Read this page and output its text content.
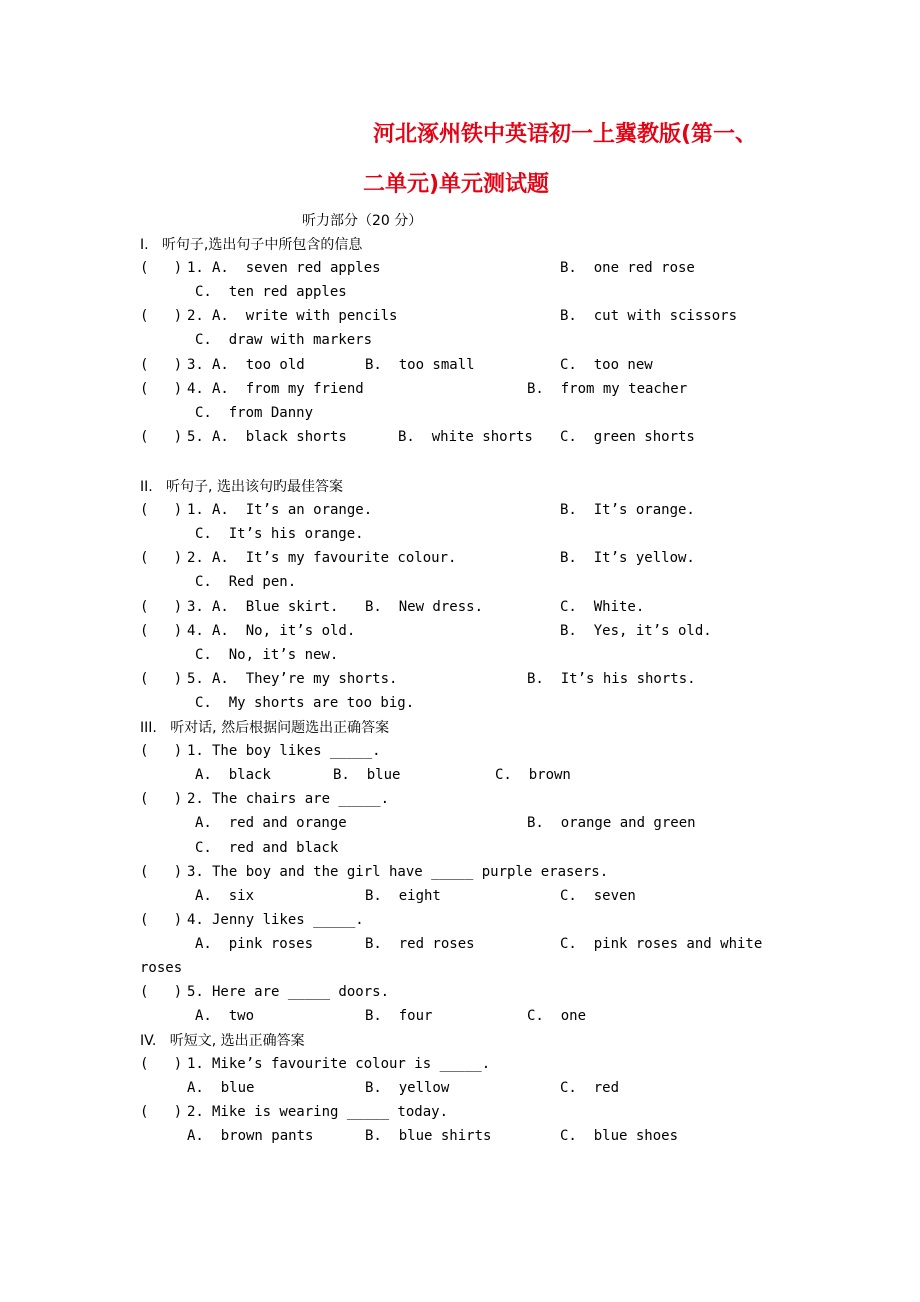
河北涿州铁中英语初一上冀教版(第一、
二单元)单元测试题
听力部分（20 分）
I.   听句子,选出句子中所包含的信息
(   ) 1. A.  seven red apples	B.  one red rose
C.  ten red apples
(   ) 2. A.  write with pencils	B.  cut with scissors
C.  draw with markers
(   ) 3. A.  too old	B.  too small	C.  too new
(   ) 4. A.  from my friend	B.  from my teacher
C.  from Danny
(   ) 5. A.  black shorts	B.  white shorts C.  green shorts
II.   听句子, 选出该句旳最佳答案
(   ) 1. A.  It’s an orange.	B.  It’s orange.
C.  It’s his orange.
(   ) 2. A.  It’s my favourite colour.	B.  It’s yellow.
C.  Red pen.
(   ) 3. A.  Blue skirt. B.  New dress.	C.  White.
(   ) 4. A.  No, it’s old.	B.  Yes, it’s old.
C.  No, it’s new.
(   ) 5. A.  They’re my shorts.	B.  It’s his shorts.
C.  My shorts are too big.
III.   听对话, 然后根据问题选出正确答案
(   ) 1. The boy likes _____.
A.  black	B.  blue	C.  brown
(   ) 2. The chairs are _____.
A.  red and orange	B.  orange and green
C.  red and black
(   ) 3. The boy and the girl have _____ purple erasers.
A.  six	B.  eight	C.  seven
(   ) 4. Jenny likes _____.
A.  pink roses	B.  red roses	C.  pink roses and white
roses
(   ) 5. Here are _____ doors.
A.  two	B.  four	C.  one
IV.   听短文, 选出正确答案
(   ) 1. Mike’s favourite colour is _____.
A.  blue	B.  yellow	C.  red
(   ) 2. Mike is wearing _____ today.
A.  brown pants	B.  blue shirts	C.  blue shoes
